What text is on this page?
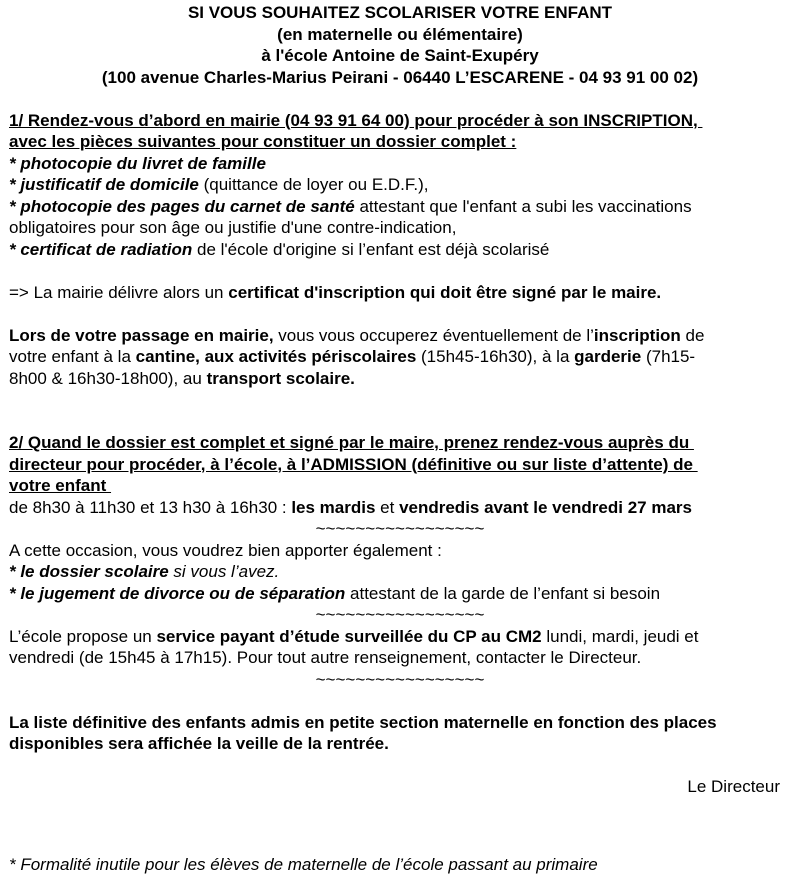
SI VOUS SOUHAITEZ SCOLARISER VOTRE ENFANT
(en maternelle ou élémentaire)
à l'école Antoine de Saint-Exupéry
(100 avenue Charles-Marius Peirani - 06440 L’ESCARENE - 04 93 91 00 02)
1/ Rendez-vous d’abord en mairie (04 93 91 64 00) pour procéder à son INSCRIPTION,
avec les pièces suivantes pour constituer un dossier complet :
* photocopie du livret de famille
* justificatif de domicile (quittance de loyer ou E.D.F.),
* photocopie des pages du carnet de santé attestant que l'enfant a subi les vaccinations
obligatoires pour son âge ou justifie d'une contre-indication,
* certificat de radiation de l'école d'origine si l’enfant est déjà scolarisé
=> La mairie délivre alors un certificat d'inscription qui doit être signé par le maire.
Lors de votre passage en mairie, vous vous occuperez éventuellement de l’inscription de
votre enfant à la cantine, aux activités périscolaires (15h45-16h30), à la garderie (7h15-
8h00 & 16h30-18h00), au transport scolaire.
2/ Quand le dossier est complet et signé par le maire, prenez rendez-vous auprès du
directeur pour procéder, à l’école, à l’ADMISSION (définitive ou sur liste d’attente) de
votre enfant
de 8h30 à 11h30 et 13 h30 à 16h30 : les mardis et vendredis avant le vendredi 27 mars
~~~~~~~~~~~~~~~~~
A cette occasion, vous voudrez bien apporter également :
* le dossier scolaire si vous l’avez.
* le jugement de divorce ou de séparation attestant de la garde de l’enfant si besoin
~~~~~~~~~~~~~~~~~
L’école propose un service payant d’étude surveillée du CP au CM2 lundi, mardi, jeudi et
vendredi (de 15h45 à 17h15). Pour tout autre renseignement, contacter le Directeur.
~~~~~~~~~~~~~~~~~
La liste définitive des enfants admis en petite section maternelle en fonction des places
disponibles sera affichée la veille de la rentrée.
Le Directeur
* Formalité inutile pour les élèves de maternelle de l’école passant au primaire
